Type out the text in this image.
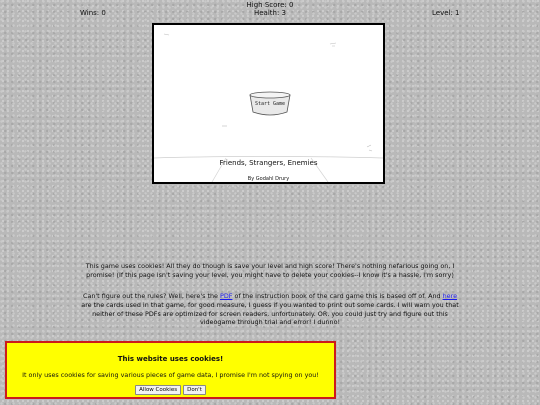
Wins: 0
High Score: 0
Health: 3	Level: 1
Start Game
Friends, Strangers, Enemies
By Godahl Drury
This game uses cookies! All they do though is save your level and high score! There's nothing nefarious going on, I promise! (If this page isn't saving your level, you might have to delete your cookies--I know it's a hassle, I'm sorry)
Can't figure out the rules? Well, here's the PDF of the instruction book of the card game this is based off of. And here are the cards used in that game, for good measure, I guess if you wanted to print out some cards. I will warn you that neither of these PDFs are optimized for screen readers, unfortunately. OR, you could just try and figure out this videogame through trial and error! I dunno!
This website uses cookies!
It only uses cookies for saving various pieces of game data, I promise I'm not spying on you!
Allow Cookies Don't
